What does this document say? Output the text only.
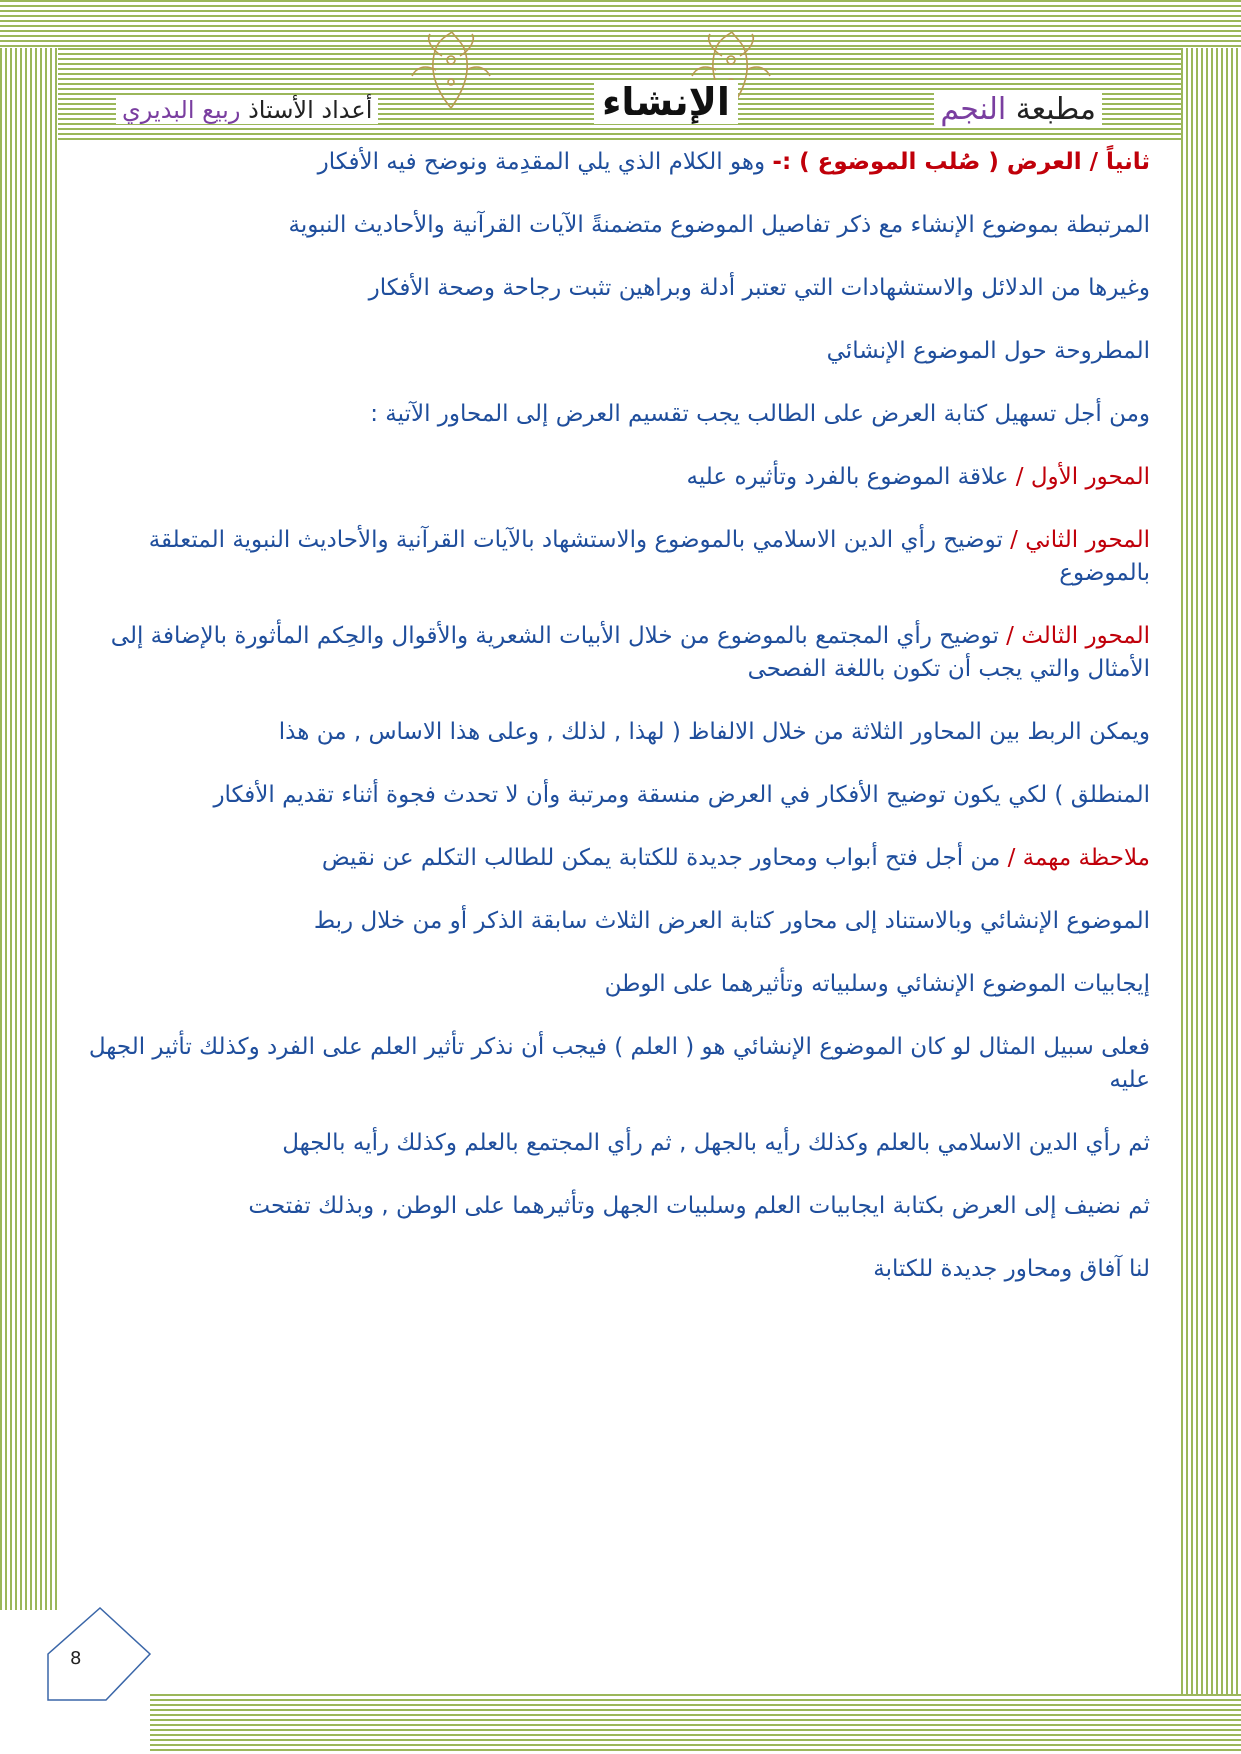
مطبعة النجم
الإنشاء
أعداد الأستاذ ربيع البديري

ثانياً / العرض ( صُلب الموضوع ) :- وهو الكلام الذي يلي المقدِمة ونوضح فيه الأفكار

المرتبطة بموضوع الإنشاء مع ذكر تفاصيل الموضوع متضمنةً الآيات القرآنية والأحاديث النبوية

وغيرها من الدلائل والاستشهادات التي تعتبر أدلة وبراهين تثبت رجاحة وصحة الأفكار

المطروحة حول الموضوع الإنشائي

ومن أجل تسهيل كتابة العرض على الطالب يجب تقسيم العرض إلى المحاور الآتية :

المحور الأول / علاقة الموضوع بالفرد وتأثيره عليه

المحور الثاني / توضيح رأي الدين الاسلامي بالموضوع والاستشهاد بالآيات القرآنية والأحاديث النبوية المتعلقة بالموضوع

المحور الثالث / توضيح رأي المجتمع بالموضوع من خلال الأبيات الشعرية والأقوال والحِكم المأثورة بالإضافة إلى الأمثال والتي يجب أن تكون باللغة الفصحى

ويمكن الربط بين المحاور الثلاثة من خلال الالفاظ ( لهذا , لذلك , وعلى هذا الاساس , من هذا

المنطلق ) لكي يكون توضيح الأفكار في العرض منسقة ومرتبة وأن لا تحدث فجوة أثناء تقديم الأفكار

ملاحظة مهمة / من أجل فتح أبواب ومحاور جديدة للكتابة يمكن للطالب التكلم عن نقيض

الموضوع الإنشائي وبالاستناد إلى محاور كتابة العرض الثلاث سابقة الذكر أو من خلال ربط

إيجابيات الموضوع الإنشائي وسلبياته وتأثيرهما على الوطن

فعلى سبيل المثال لو كان الموضوع الإنشائي هو ( العلم ) فيجب أن نذكر تأثير العلم على الفرد وكذلك تأثير الجهل عليه

ثم رأي الدين الاسلامي بالعلم وكذلك رأيه بالجهل , ثم رأي المجتمع بالعلم وكذلك رأيه بالجهل

ثم نضيف إلى العرض بكتابة ايجابيات العلم وسلبيات الجهل وتأثيرهما على الوطن , وبذلك تفتحت

لنا آفاق ومحاور جديدة للكتابة

8
